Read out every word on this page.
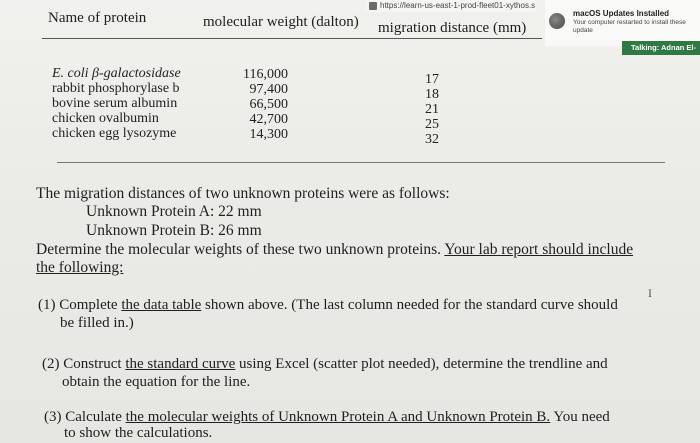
https://learn-us-east-1-prod-fleet01-xythos.s
macOS Updates Installed
Your computer restarted to install these update
Talking: Adnan El-
Name of protein	molecular weight (dalton) migration distance (mm)
E. coli β-galactosidase
rabbit phosphorylase b
bovine serum albumin
chicken ovalbumin
chicken egg lysozyme
116,000
97,400
66,500
42,700
14,300
17
18
21
25
32
The migration distances of two unknown proteins were as follows:
Unknown Protein A: 22 mm
Unknown Protein B: 26 mm
Determine the molecular weights of these two unknown proteins. Your lab report should include
the following:
I
(1) Complete the data table shown above. (The last column needed for the standard curve should
be filled in.)
(2) Construct the standard curve using Excel (scatter plot needed), determine the trendline and
obtain the equation for the line.
(3) Calculate the molecular weights of Unknown Protein A and Unknown Protein B. You need
to show the calculations.
